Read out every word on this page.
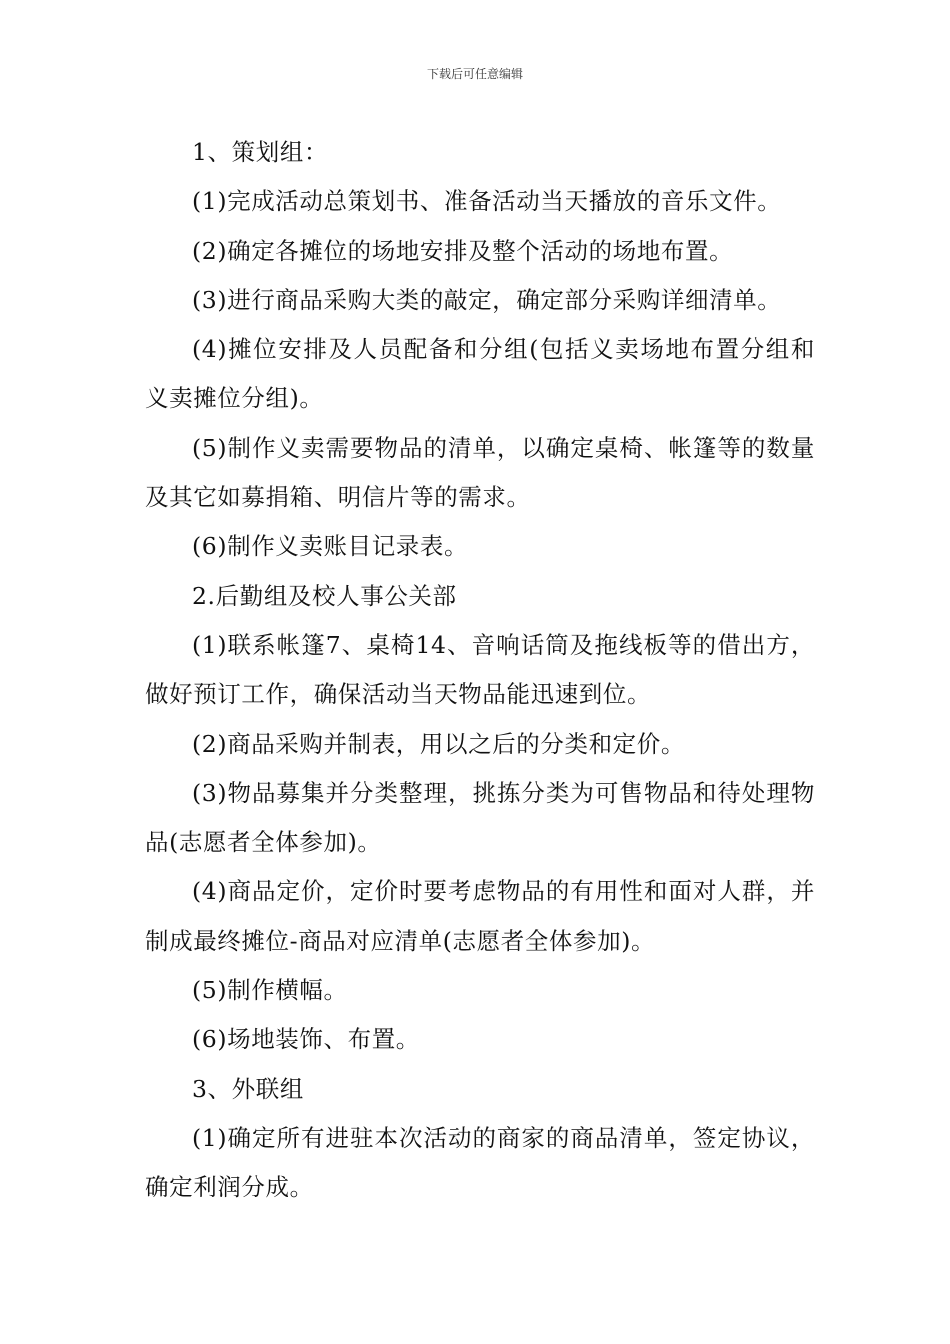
下载后可任意编辑

1、策划组：

(1)完成活动总策划书、准备活动当天播放的音乐文件。

(2)确定各摊位的场地安排及整个活动的场地布置。

(3)进行商品采购大类的敲定，确定部分采购详细清单。

(4)摊位安排及人员配备和分组(包括义卖场地布置分组和义卖摊位分组)。

(5)制作义卖需要物品的清单，以确定桌椅、帐篷等的数量及其它如募捐箱、明信片等的需求。

(6)制作义卖账目记录表。

2.后勤组及校人事公关部

(1)联系帐篷7、桌椅14、音响话筒及拖线板等的借出方，做好预订工作，确保活动当天物品能迅速到位。

(2)商品采购并制表，用以之后的分类和定价。

(3)物品募集并分类整理，挑拣分类为可售物品和待处理物品(志愿者全体参加)。

(4)商品定价，定价时要考虑物品的有用性和面对人群，并制成最终摊位-商品对应清单(志愿者全体参加)。

(5)制作横幅。

(6)场地装饰、布置。

3、外联组

(1)确定所有进驻本次活动的商家的商品清单，签定协议，确定利润分成。
